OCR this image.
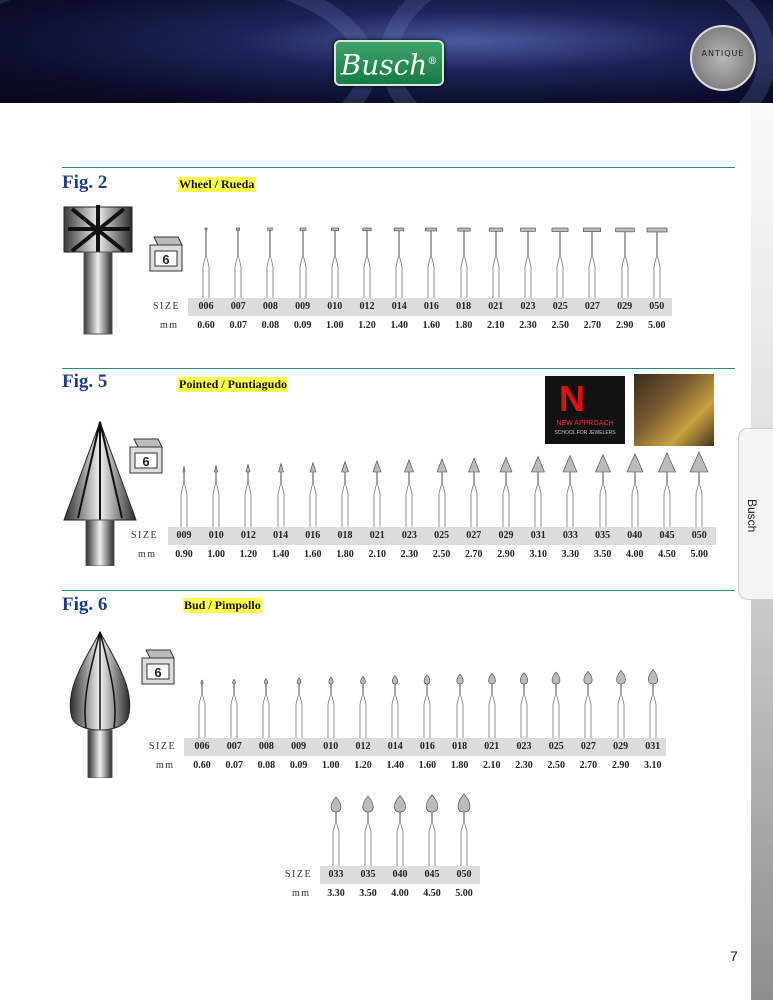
Busch®
ANTIQUE
Busch
Fig. 2	Wheel / Rueda
6
006	007	008	009	010	012	014	016	018	021	023	025	027	029	050
SIZE
mm	0.60	0.07	0.08	0.09	1.00	1.20	1.40	1.60	1.80	2.10	2.30	2.50	2.70	2.90	5.00
Fig. 5	Pointed / Puntiagudo	N
NEW APPROACH
SCHOOL FOR JEWELERS
6
009	010	012	014	016	018	021	023	025	027	029	031	033	035	040	045	050
SIZE
mm	0.90	1.00	1.20	1.40	1.60	1.80	2.10	2.30	2.50	2.70	2.90	3.10	3.30	3.50	4.00	4.50	5.00
Fig. 6	Bud / Pimpollo
6
006	007	008	009	010	012	014	016	018	021	023	025	027	029	031
SIZE
mm	0.60	0.07	0.08	0.09	1.00	1.20	1.40	1.60	1.80	2.10	2.30	2.50	2.70	2.90	3.10
033	035	040	045	050
SIZE
mm	3.30	3.50	4.00	4.50	5.00
7
